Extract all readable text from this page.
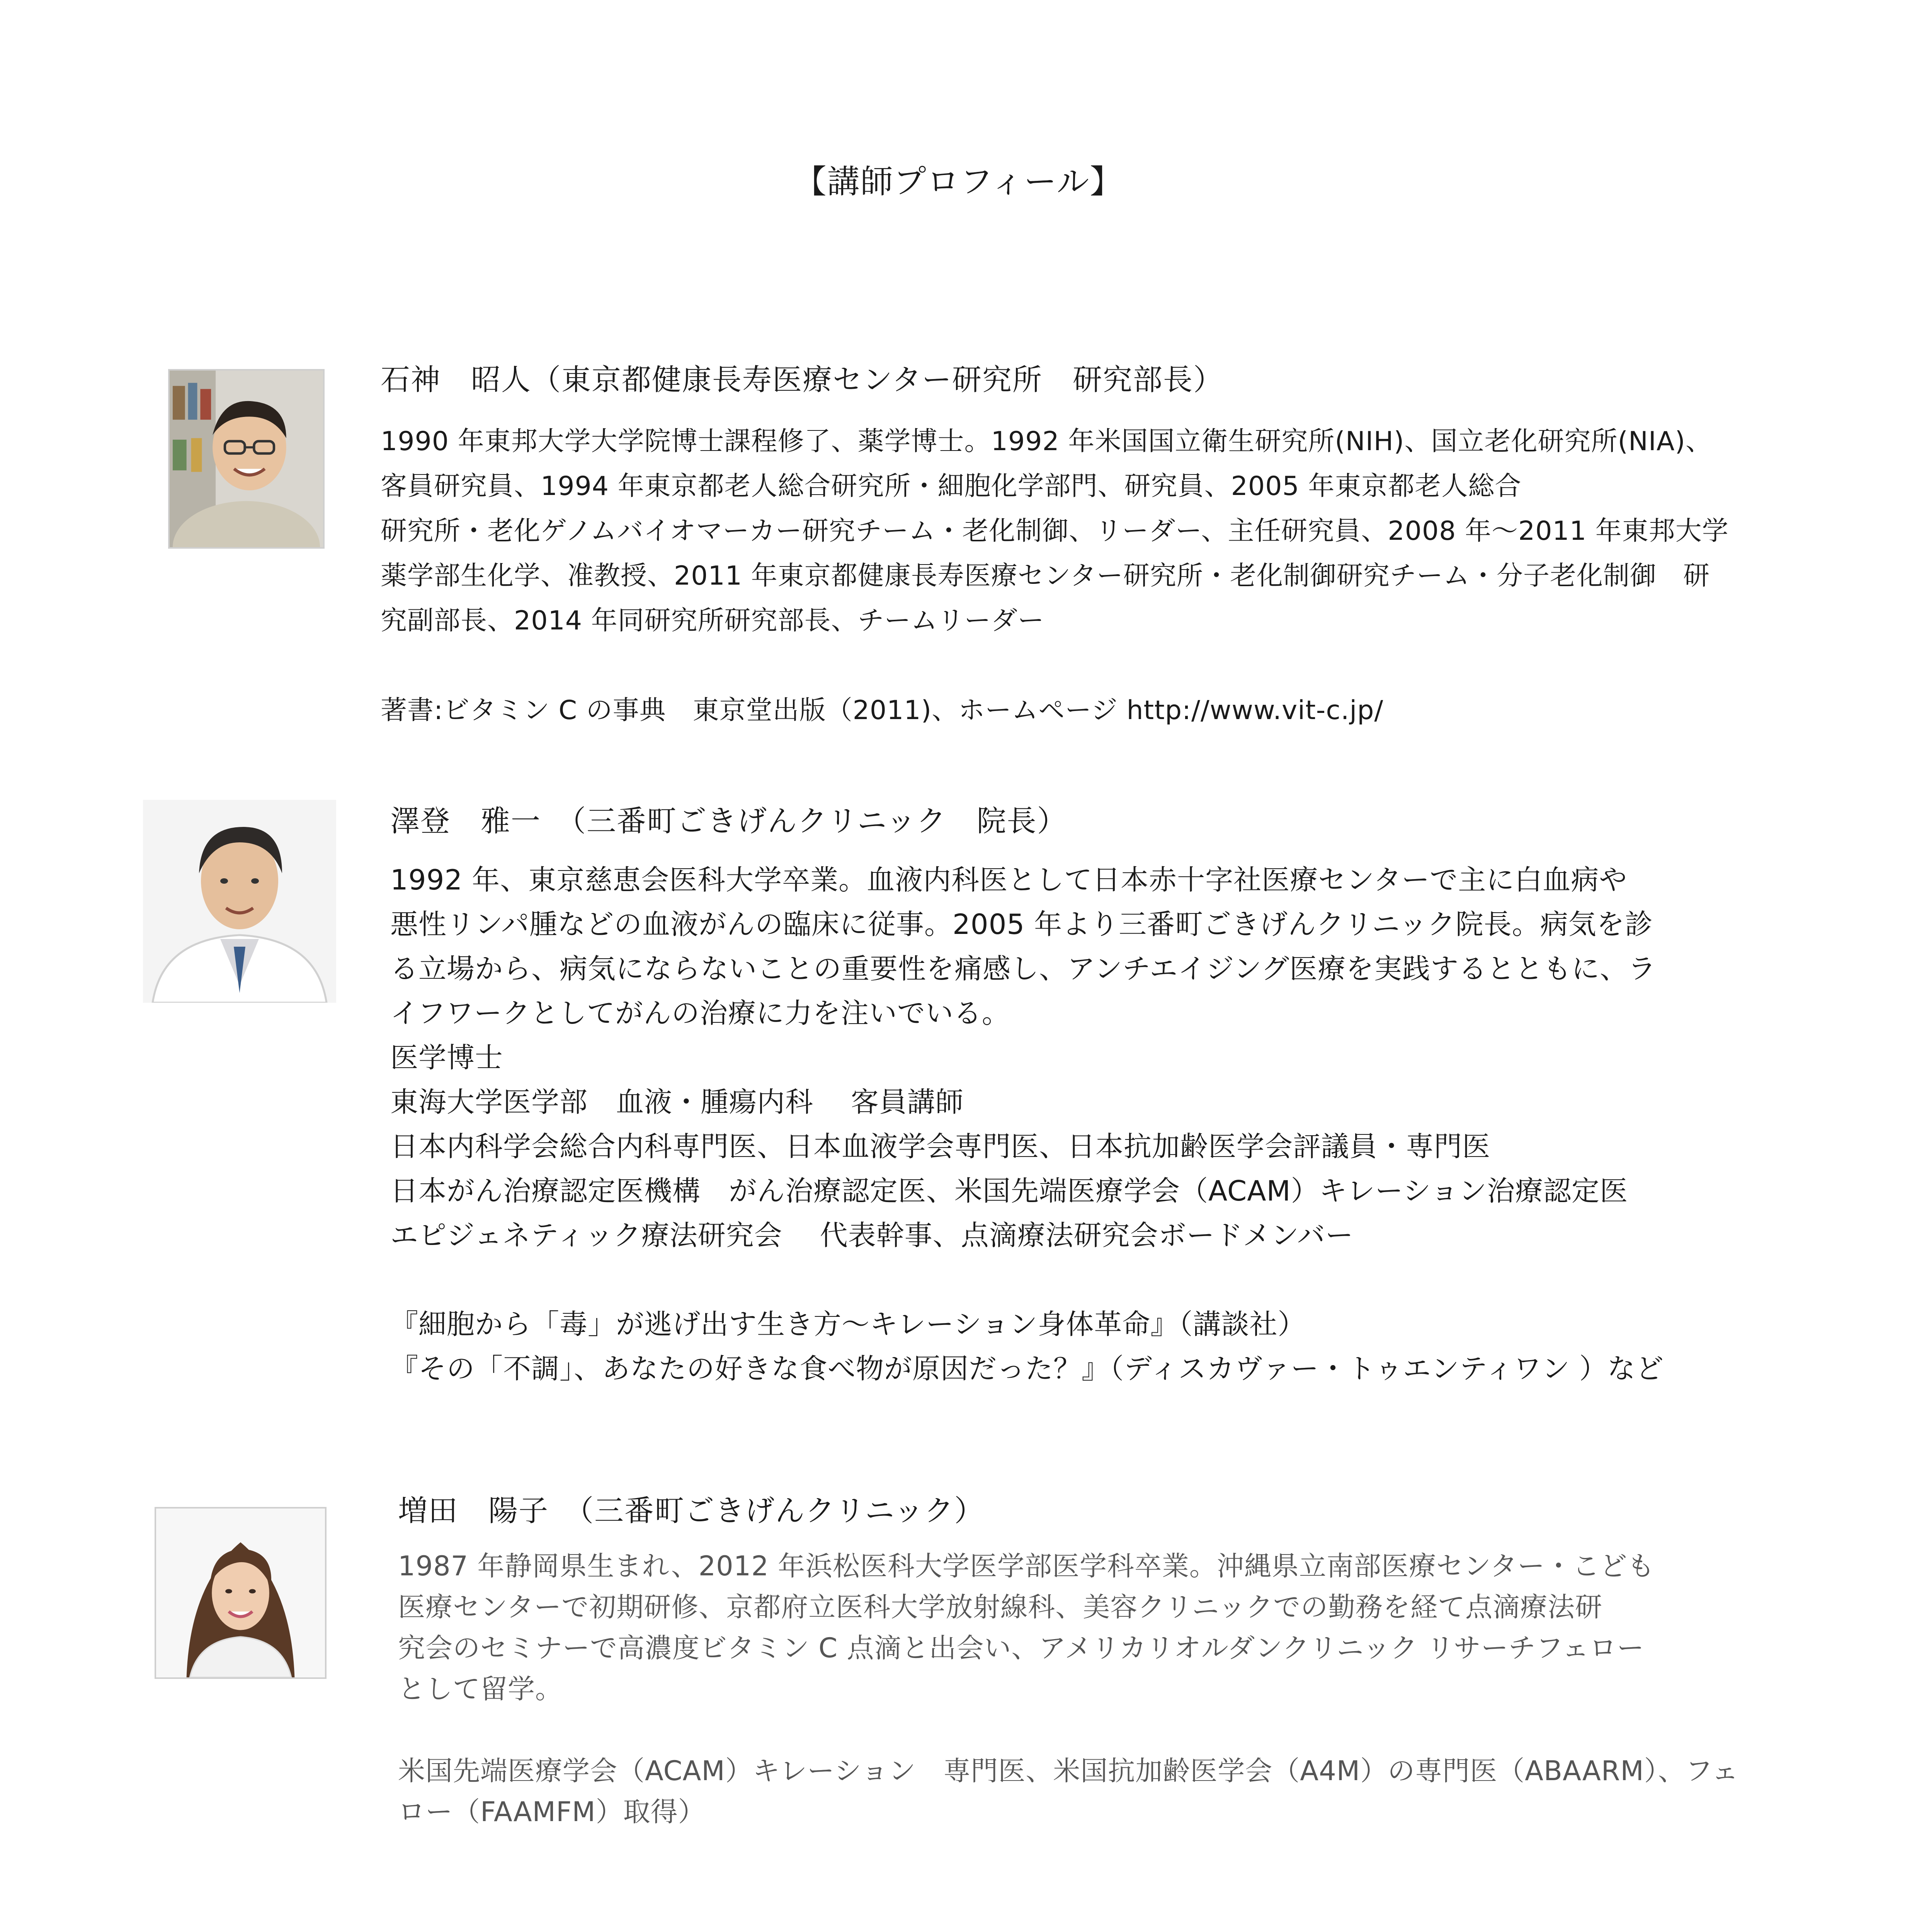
【講師プロフィール】
石神　昭人（東京都健康長寿医療センター研究所　研究部長）
1990 年東邦大学大学院博士課程修了、薬学博士。1992 年米国国立衛生研究所(NIH)、国立老化研究所(NIA)、
客員研究員、1994 年東京都老人総合研究所・細胞化学部門、研究員、2005 年東京都老人総合
研究所・老化ゲノムバイオマーカー研究チーム・老化制御、リーダー、主任研究員、2008 年～2011 年東邦大学
薬学部生化学、准教授、2011 年東京都健康長寿医療センター研究所・老化制御研究チーム・分子老化制御　研
究副部長、2014 年同研究所研究部長、チームリーダー
著書:ビタミン C の事典　東京堂出版（2011)、ホームページ http://www.vit-c.jp/
澤登　雅一　（三番町ごきげんクリニック　院長）
1992 年、東京慈恵会医科大学卒業。血液内科医として日本赤十字社医療センターで主に白血病や
悪性リンパ腫などの血液がんの臨床に従事。2005 年より三番町ごきげんクリニック院長。病気を診
る立場から、病気にならないことの重要性を痛感し、アンチエイジング医療を実践するとともに、ラ
イフワークとしてがんの治療に力を注いでいる。
医学博士
東海大学医学部　血液・腫瘍内科　 客員講師
日本内科学会総合内科専門医、日本血液学会専門医、日本抗加齢医学会評議員・専門医
日本がん治療認定医機構　がん治療認定医、米国先端医療学会（ACAM）キレーション治療認定医
エピジェネティック療法研究会　 代表幹事、点滴療法研究会ボードメンバー
『細胞から「毒」が逃げ出す生き方～キレーション身体革命』（講談社）
『その「不調」、あなたの好きな食べ物が原因だった？』（ディスカヴァー・トゥエンティワン ）など
増田　陽子　（三番町ごきげんクリニック）
1987 年静岡県生まれ、2012 年浜松医科大学医学部医学科卒業。沖縄県立南部医療センター・こども
医療センターで初期研修、京都府立医科大学放射線科、美容クリニックでの勤務を経て点滴療法研
究会のセミナーで高濃度ビタミン C 点滴と出会い、アメリカリオルダンクリニック リサーチフェロー
として留学。
米国先端医療学会（ACAM）キレーション　専門医、米国抗加齢医学会（A4M）の専門医（ABAARM）、フェ
ロー（FAAMFM）取得）
